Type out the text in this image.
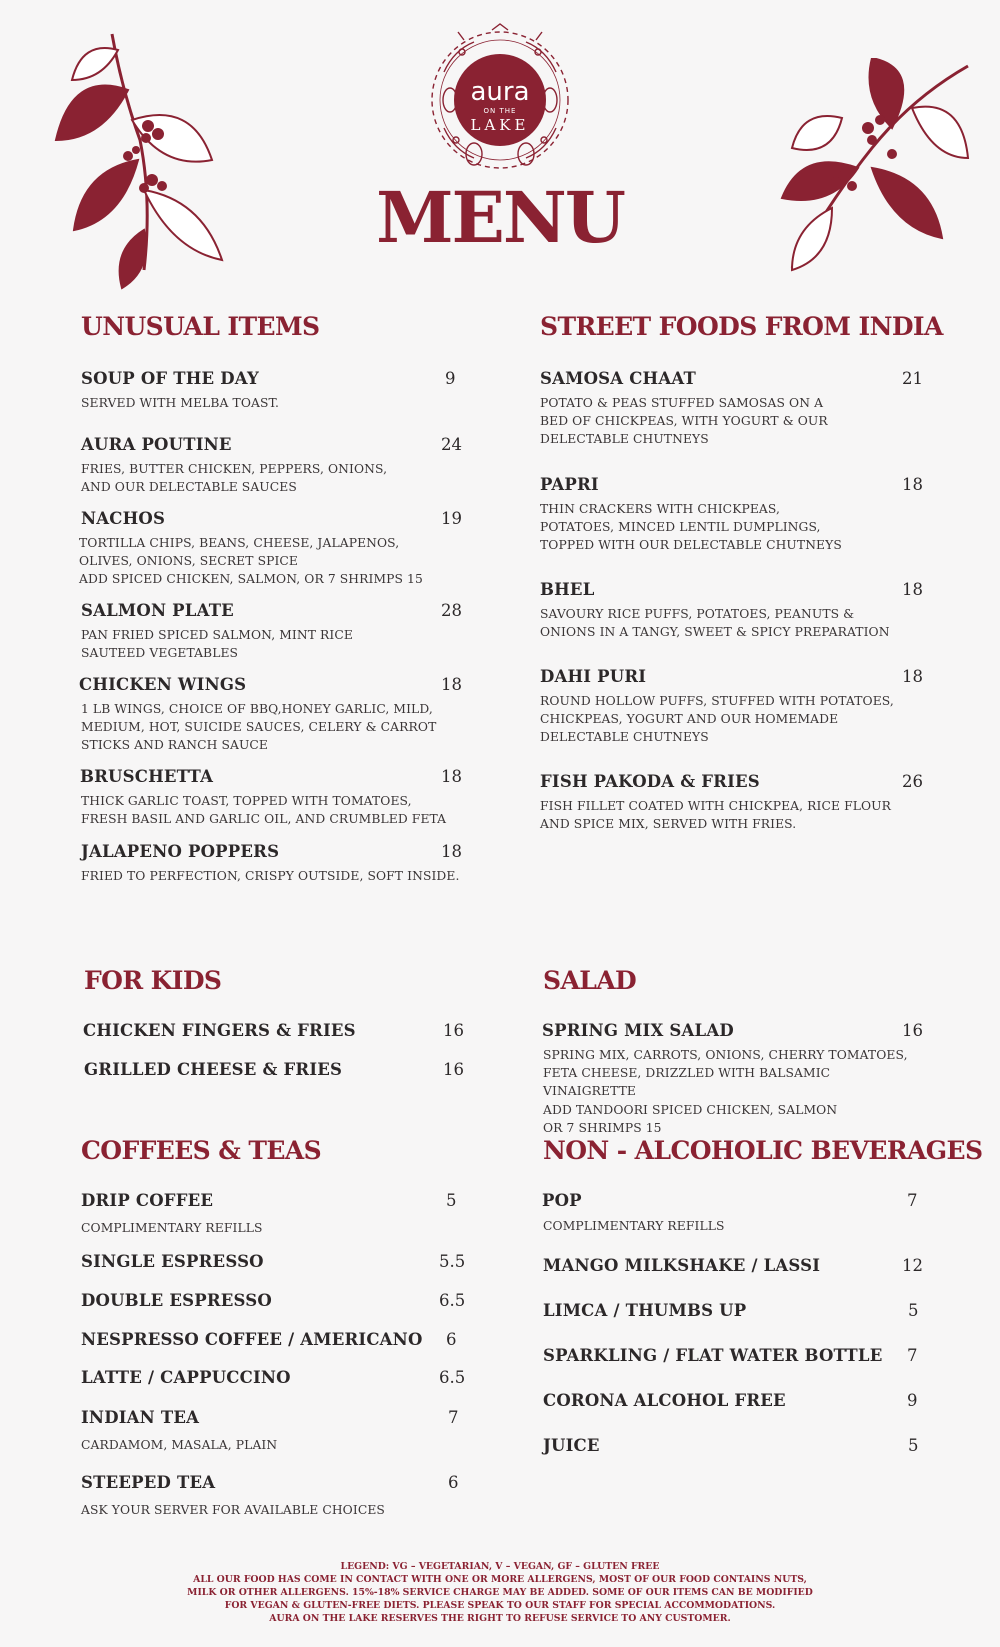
aura
ON THE
LAKE
MENU
UNUSUAL ITEMS
SOUP OF THE DAY	9
SERVED WITH MELBA TOAST.
AURA POUTINE	24
FRIES, BUTTER CHICKEN, PEPPERS, ONIONS,
AND OUR DELECTABLE SAUCES
NACHOS	19
TORTILLA CHIPS, BEANS, CHEESE, JALAPENOS,
OLIVES, ONIONS, SECRET SPICE
ADD SPICED CHICKEN, SALMON, OR 7 SHRIMPS 15
SALMON PLATE	28
PAN FRIED SPICED SALMON, MINT RICE
SAUTEED VEGETABLES
CHICKEN WINGS	18
1 LB WINGS, CHOICE OF BBQ,HONEY GARLIC, MILD,
MEDIUM, HOT, SUICIDE SAUCES, CELERY & CARROT
STICKS AND RANCH SAUCE
BRUSCHETTA	18
THICK GARLIC TOAST, TOPPED WITH TOMATOES,
FRESH BASIL AND GARLIC OIL, AND CRUMBLED FETA
JALAPENO POPPERS	18
FRIED TO PERFECTION, CRISPY OUTSIDE, SOFT INSIDE.
STREET FOODS FROM INDIA
SAMOSA CHAAT	21
POTATO & PEAS STUFFED SAMOSAS ON A
BED OF CHICKPEAS, WITH YOGURT & OUR
DELECTABLE CHUTNEYS
PAPRI	18
THIN CRACKERS WITH CHICKPEAS,
POTATOES, MINCED LENTIL DUMPLINGS,
TOPPED WITH OUR DELECTABLE CHUTNEYS
BHEL	18
SAVOURY RICE PUFFS, POTATOES, PEANUTS &
ONIONS IN A TANGY, SWEET & SPICY PREPARATION
DAHI PURI	18
ROUND HOLLOW PUFFS, STUFFED WITH POTATOES,
CHICKPEAS, YOGURT AND OUR HOMEMADE
DELECTABLE CHUTNEYS
FISH PAKODA & FRIES	26
FISH FILLET COATED WITH CHICKPEA, RICE FLOUR
AND SPICE MIX, SERVED WITH FRIES.
FOR KIDS
CHICKEN FINGERS & FRIES	16
GRILLED CHEESE & FRIES	16
SALAD
SPRING MIX SALAD	16
SPRING MIX, CARROTS, ONIONS, CHERRY TOMATOES,
FETA CHEESE, DRIZZLED WITH BALSAMIC VINAIGRETTE
ADD TANDOORI SPICED CHICKEN, SALMON
OR 7 SHRIMPS 15
COFFEES & TEAS
DRIP COFFEE	5
COMPLIMENTARY REFILLS
SINGLE ESPRESSO	5.5
DOUBLE ESPRESSO	6.5
NESPRESSO COFFEE / AMERICANO 6
LATTE / CAPPUCCINO	6.5
INDIAN TEA	7
CARDAMOM, MASALA, PLAIN
STEEPED TEA	6
ASK YOUR SERVER FOR AVAILABLE CHOICES
NON - ALCOHOLIC BEVERAGES
POP	7
COMPLIMENTARY REFILLS
MANGO MILKSHAKE / LASSI	12
LIMCA / THUMBS UP	5
SPARKLING / FLAT WATER BOTTLE 7
CORONA ALCOHOL FREE	9
JUICE	5
LEGEND: VG – VEGETARIAN, V – VEGAN, GF – GLUTEN FREE
ALL OUR FOOD HAS COME IN CONTACT WITH ONE OR MORE ALLERGENS, MOST OF OUR FOOD CONTAINS NUTS,
MILK OR OTHER ALLERGENS. 15%-18% SERVICE CHARGE MAY BE ADDED. SOME OF OUR ITEMS CAN BE MODIFIED
FOR VEGAN & GLUTEN-FREE DIETS. PLEASE SPEAK TO OUR STAFF FOR SPECIAL ACCOMMODATIONS.
AURA ON THE LAKE RESERVES THE RIGHT TO REFUSE SERVICE TO ANY CUSTOMER.
